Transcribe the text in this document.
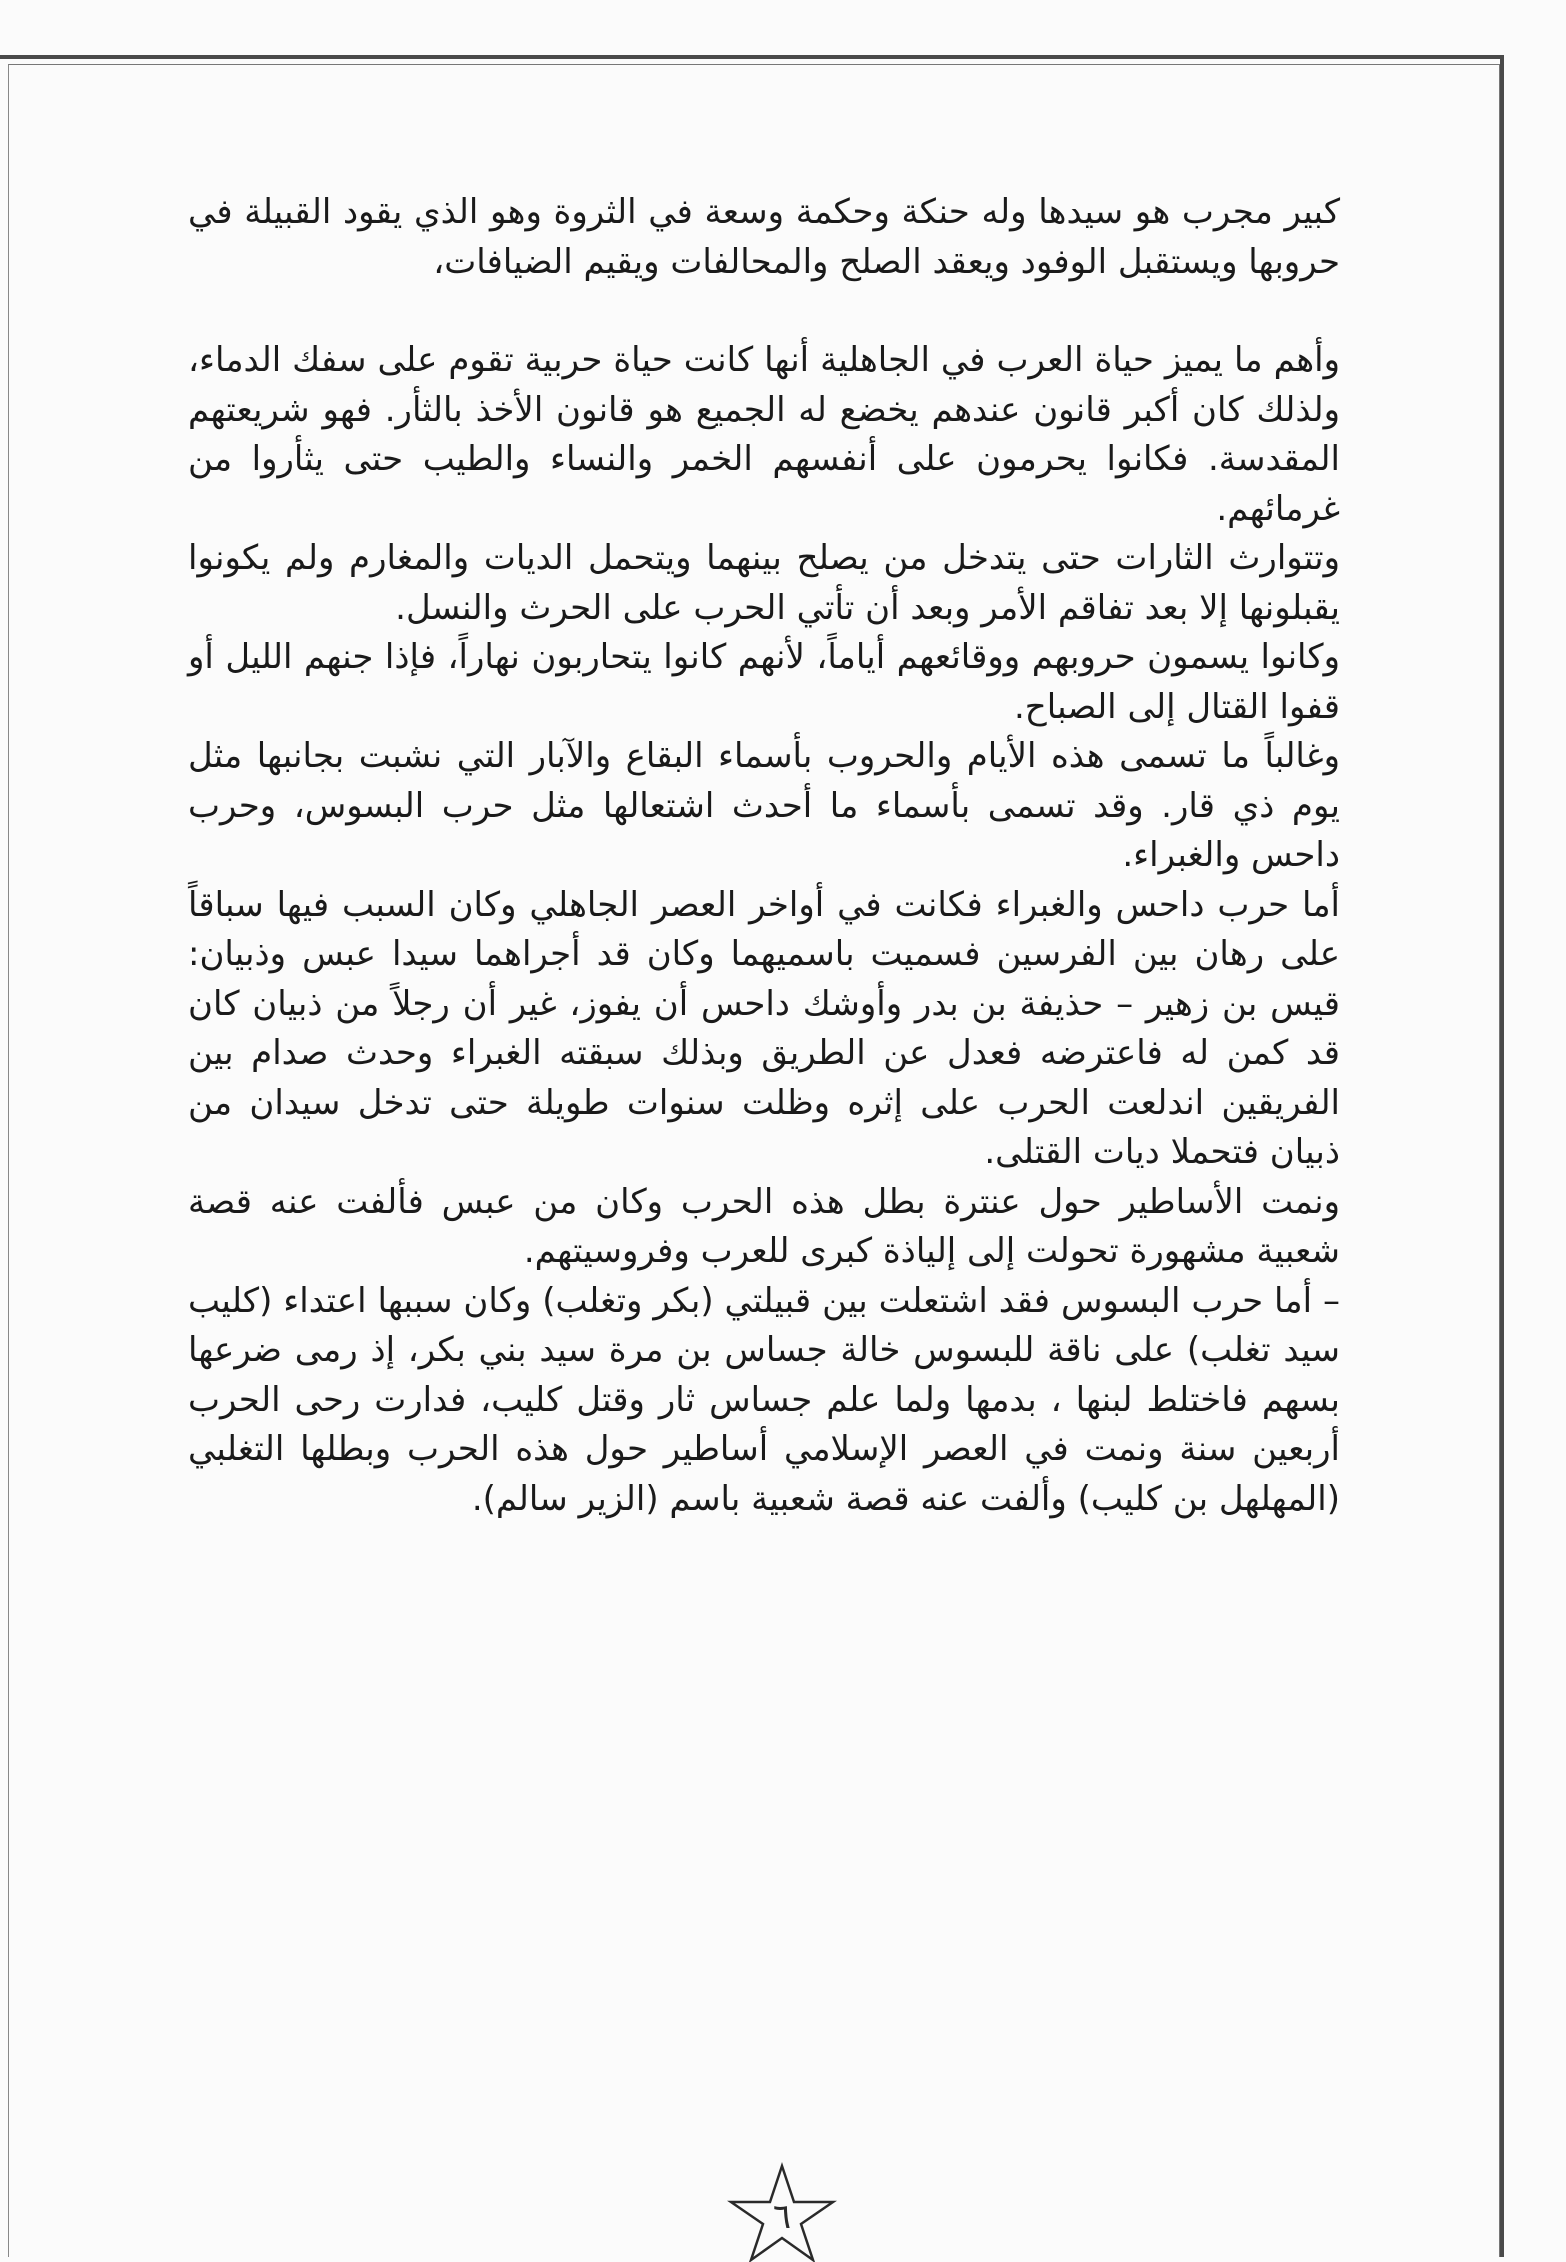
كبير مجرب هو سيدها وله حنكة وحكمة وسعة في الثروة وهو الذي يقود القبيلة في حروبها ويستقبل الوفود ويعقد الصلح والمحالفات ويقيم الضيافات،

وأهم ما يميز حياة العرب في الجاهلية أنها كانت حياة حربية تقوم على سفك الدماء، ولذلك كان أكبر قانون عندهم يخضع له الجميع هو قانون الأخذ بالثأر. فهو شريعتهم المقدسة. فكانوا يحرمون على أنفسهم الخمر والنساء والطيب حتى يثأروا من غرمائهم.

وتتوارث الثارات حتى يتدخل من يصلح بينهما ويتحمل الديات والمغارم ولم يكونوا يقبلونها إلا بعد تفاقم الأمر وبعد أن تأتي الحرب على الحرث والنسل.

وكانوا يسمون حروبهم ووقائعهم أياماً، لأنهم كانوا يتحاربون نهاراً، فإذا جنهم الليل أو قفوا القتال إلى الصباح.

وغالباً ما تسمى هذه الأيام والحروب بأسماء البقاع والآبار التي نشبت بجانبها مثل يوم ذي قار. وقد تسمى بأسماء ما أحدث اشتعالها مثل حرب البسوس، وحرب داحس والغبراء.

أما حرب داحس والغبراء فكانت في أواخر العصر الجاهلي وكان السبب فيها سباقاً على رهان بين الفرسين فسميت باسميهما وكان قد أجراهما سيدا عبس وذبيان: قيس بن زهير – حذيفة بن بدر وأوشك داحس أن يفوز، غير أن رجلاً من ذبيان كان قد كمن له فاعترضه فعدل عن الطريق وبذلك سبقته الغبراء وحدث صدام بين الفريقين اندلعت الحرب على إثره وظلت سنوات طويلة حتى تدخل سيدان من ذبيان فتحملا ديات القتلى.

ونمت الأساطير حول عنترة بطل هذه الحرب وكان من عبس فألفت عنه قصة شعبية مشهورة تحولت إلى إلياذة كبرى للعرب وفروسيتهم.

– أما حرب البسوس فقد اشتعلت بين قبيلتي (بكر وتغلب) وكان سببها اعتداء (كليب سيد تغلب) على ناقة للبسوس خالة جساس بن مرة سيد بني بكر، إذ رمى ضرعها بسهم فاختلط لبنها ، بدمها ولما علم جساس ثار وقتل كليب، فدارت رحى الحرب أربعين سنة ونمت في العصر الإسلامي أساطير حول هذه الحرب وبطلها التغلبي (المهلهل بن كليب) وألفت عنه قصة شعبية باسم (الزير سالم).

٦
